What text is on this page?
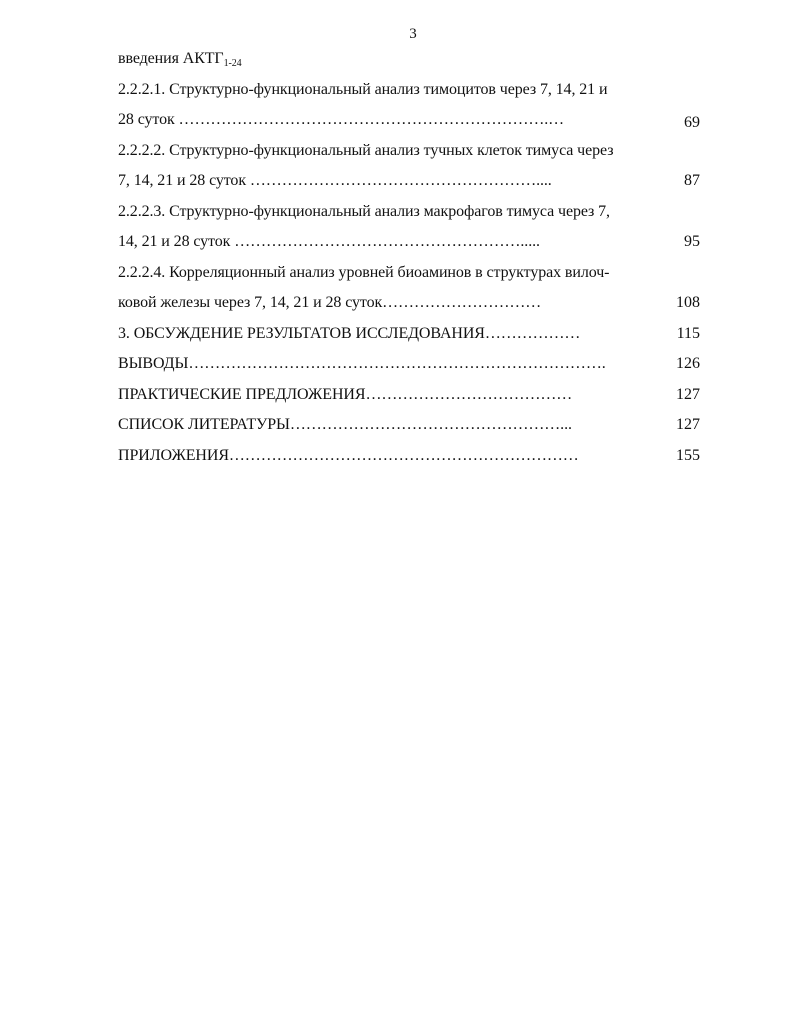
3
введения $АКТГ_{1-24}$
2.2.2.1. Структурно-функциональный анализ тимоцитов через 7, 14, 21 и
28 суток …………………………………………………………….…	69
2.2.2.2. Структурно-функциональный анализ тучных клеток тимуса через
7, 14, 21 и 28 суток ………………………………………………....	87
2.2.2.3. Структурно-функциональный анализ макрофагов тимуса через 7,
14, 21 и 28 суток ……………………………………………….....	95
2.2.2.4. Корреляционный анализ уровней биоаминов в структурах вилоч-
ковой железы через 7, 14, 21 и 28 суток…………………………	108
3. ОБСУЖДЕНИЕ РЕЗУЛЬТАТОВ ИССЛЕДОВАНИЯ………………	115
ВЫВОДЫ…………………………………………………………………….	126
ПРАКТИЧЕСКИЕ ПРЕДЛОЖЕНИЯ…………………………………	127
СПИСОК ЛИТЕРАТУРЫ……………………………………………...	127
ПРИЛОЖЕНИЯ…………………………………………………………	155
